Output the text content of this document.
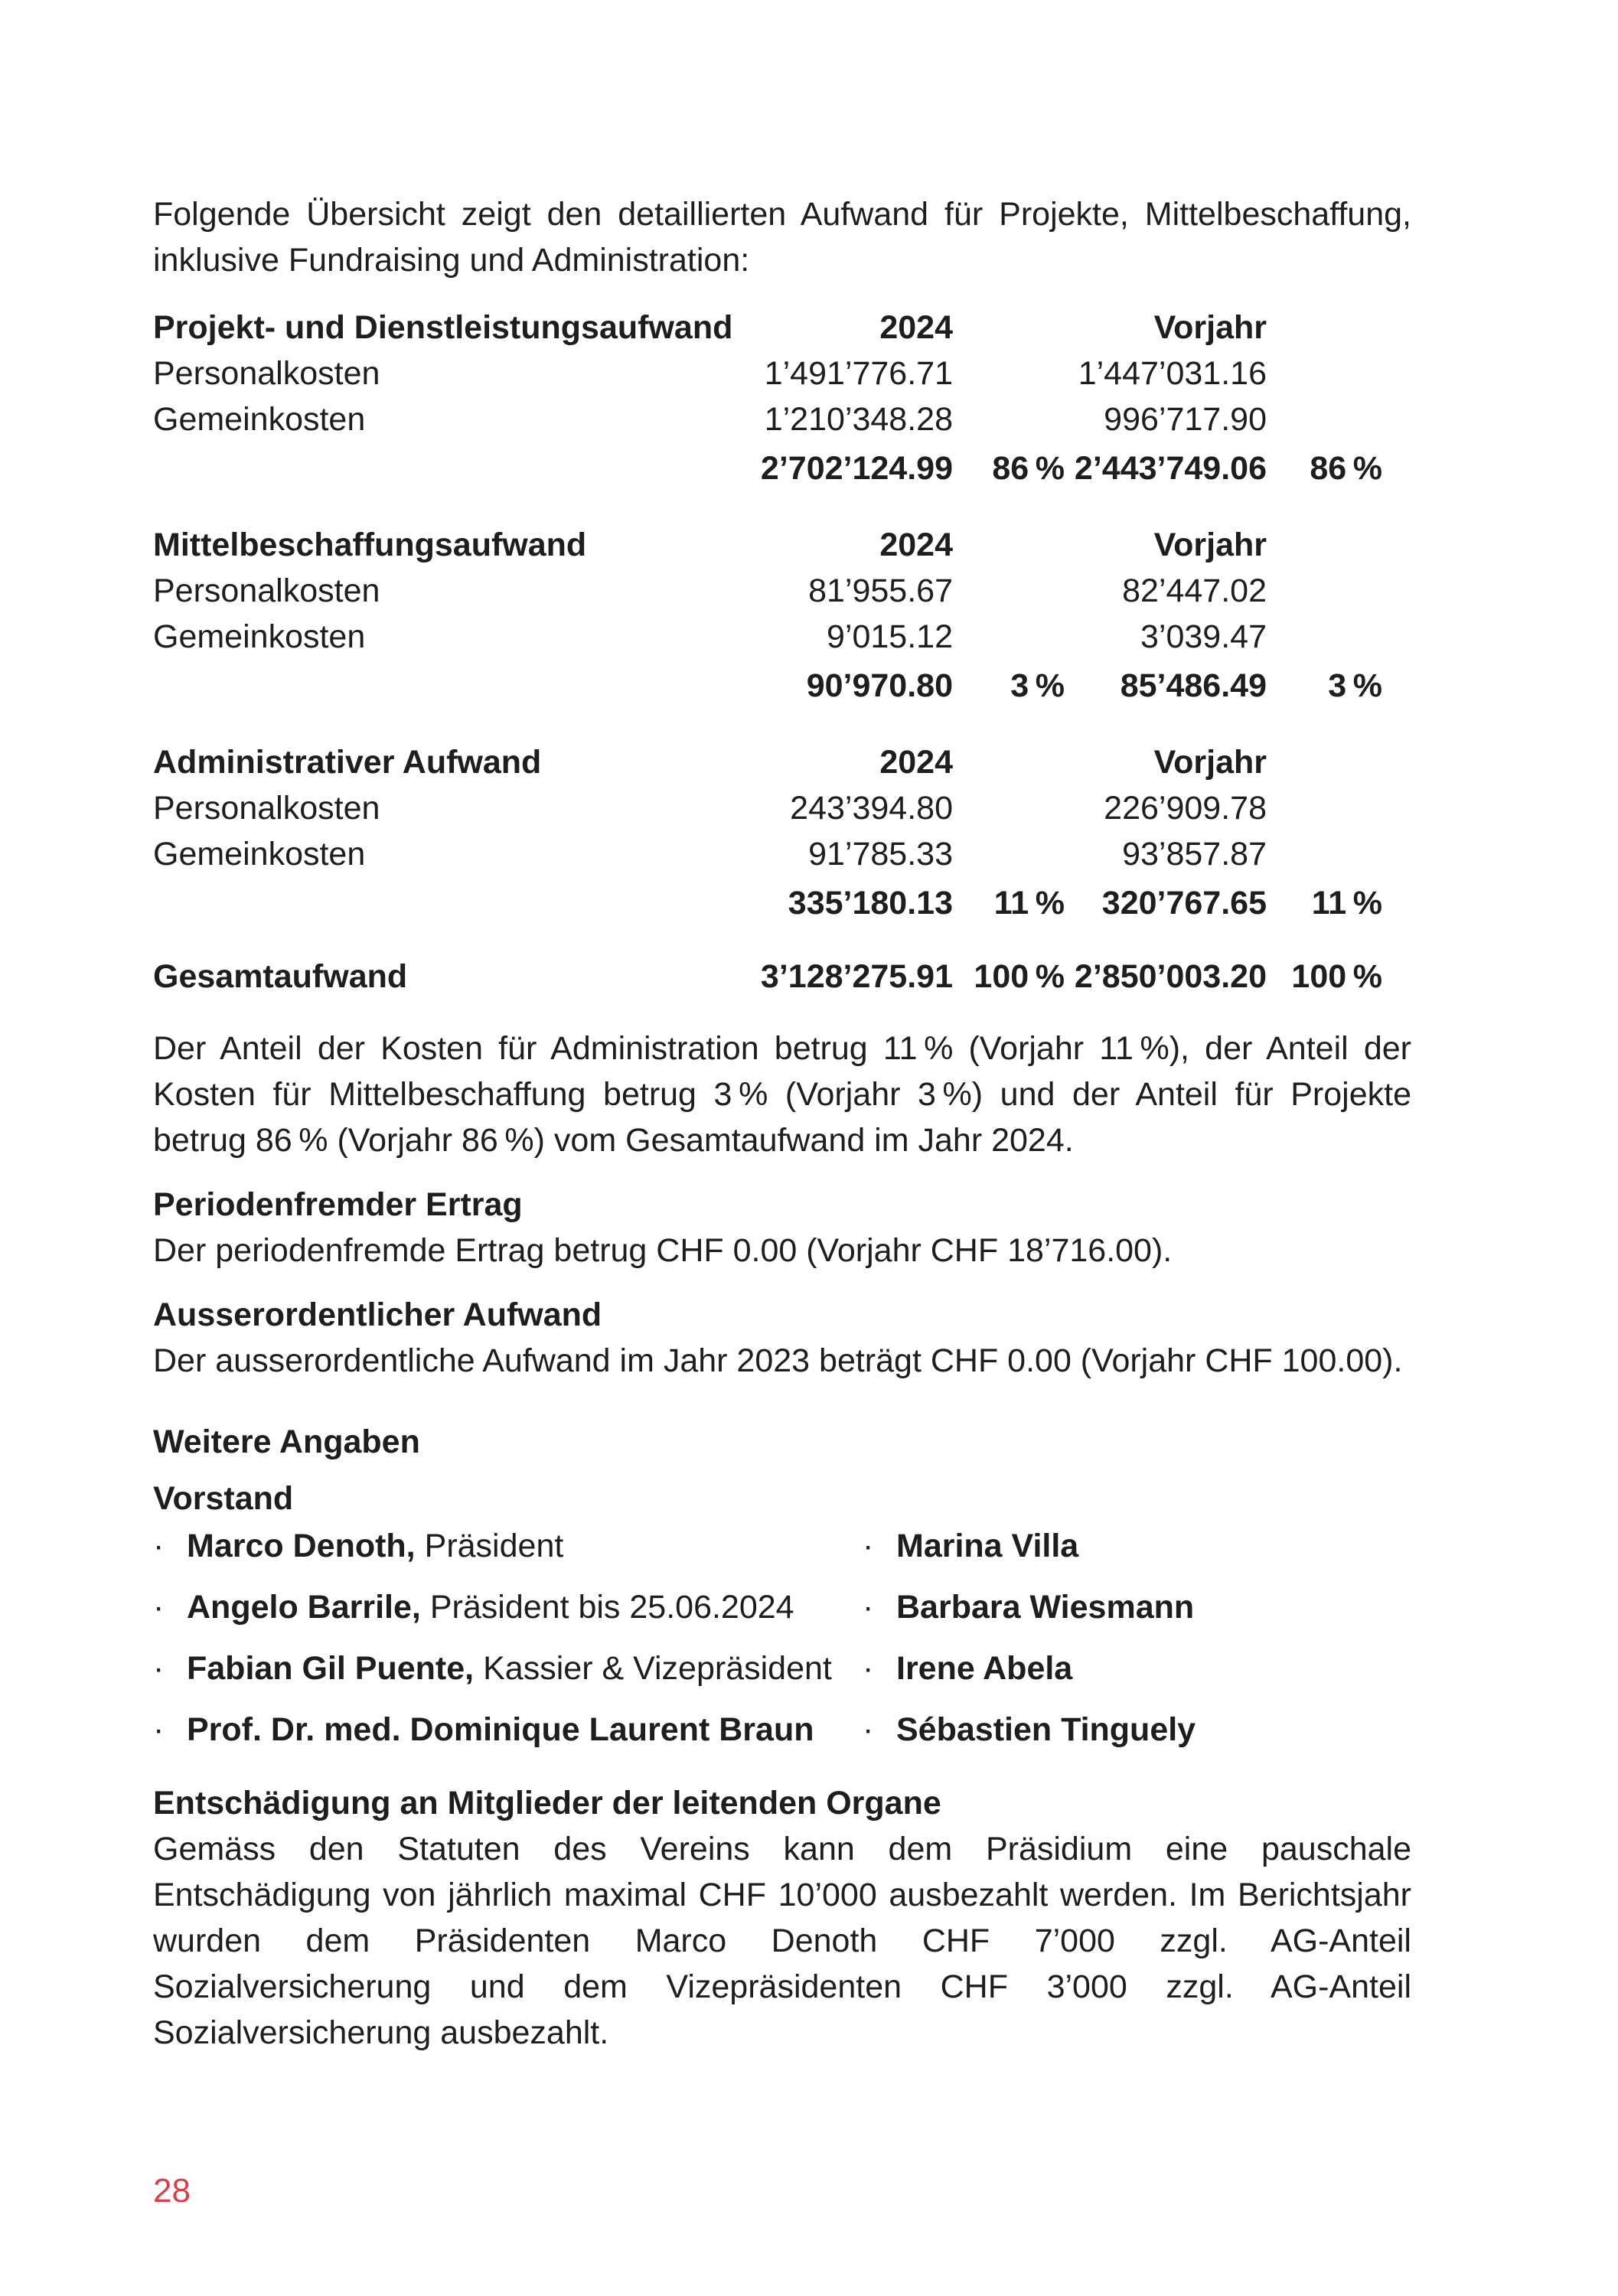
Folgende Übersicht zeigt den detaillierten Aufwand für Projekte, Mittelbeschaffung, inklusive Fundraising und Administration:

Projekt- und Dienstleistungsaufwand	2024	Vorjahr
Personalkosten	1’491’776.71	1’447’031.16
Gemeinkosten	1’210’348.28	996’717.90
2’702’124.99	86 % 2’443’749.06	86 %
Mittelbeschaffungsaufwand	2024	Vorjahr
Personalkosten	81’955.67	82’447.02
Gemeinkosten	9’015.12	3’039.47
90’970.80	3 %	85’486.49	3 %
Administrativer Aufwand	2024	Vorjahr
Personalkosten	243’394.80	226’909.78
Gemeinkosten	91’785.33	93’857.87
335’180.13	11 %	320’767.65	11 %
Gesamtaufwand	3’128’275.91 100 % 2’850’003.20 100 %

Der Anteil der Kosten für Administration betrug 11 % (Vorjahr 11 %), der Anteil der Kosten für Mittelbeschaffung betrug 3 % (Vorjahr 3 %) und der Anteil für Projekte betrug 86 % (Vorjahr 86 %) vom Gesamtaufwand im Jahr 2024.

Periodenfremder Ertrag

Der periodenfremde Ertrag betrug CHF 0.00 (Vorjahr CHF 18’716.00).

Ausserordentlicher Aufwand

Der ausserordentliche Aufwand im Jahr 2023 beträgt CHF 0.00 (Vorjahr CHF 100.00).

Weitere Angaben
Vorstand
· Marco Denoth, Präsident	· Marina Villa
· Angelo Barrile, Präsident bis 25.06.2024 · Barbara Wiesmann
· Fabian Gil Puente, Kassier & Vizepräsident · Irene Abela
· Prof. Dr. med. Dominique Laurent Braun · Sébastien Tinguely
Entschädigung an Mitglieder der leitenden Organe

Gemäss den Statuten des Vereins kann dem Präsidium eine pauschale Entschädigung von jährlich maximal CHF 10’000 ausbezahlt werden. Im Berichtsjahr wurden dem Präsidenten Marco Denoth CHF 7’000 zzgl. AG-Anteil Sozialversicherung und dem Vizepräsidenten CHF 3’000 zzgl. AG-Anteil Sozialversicherung ausbezahlt.

28
